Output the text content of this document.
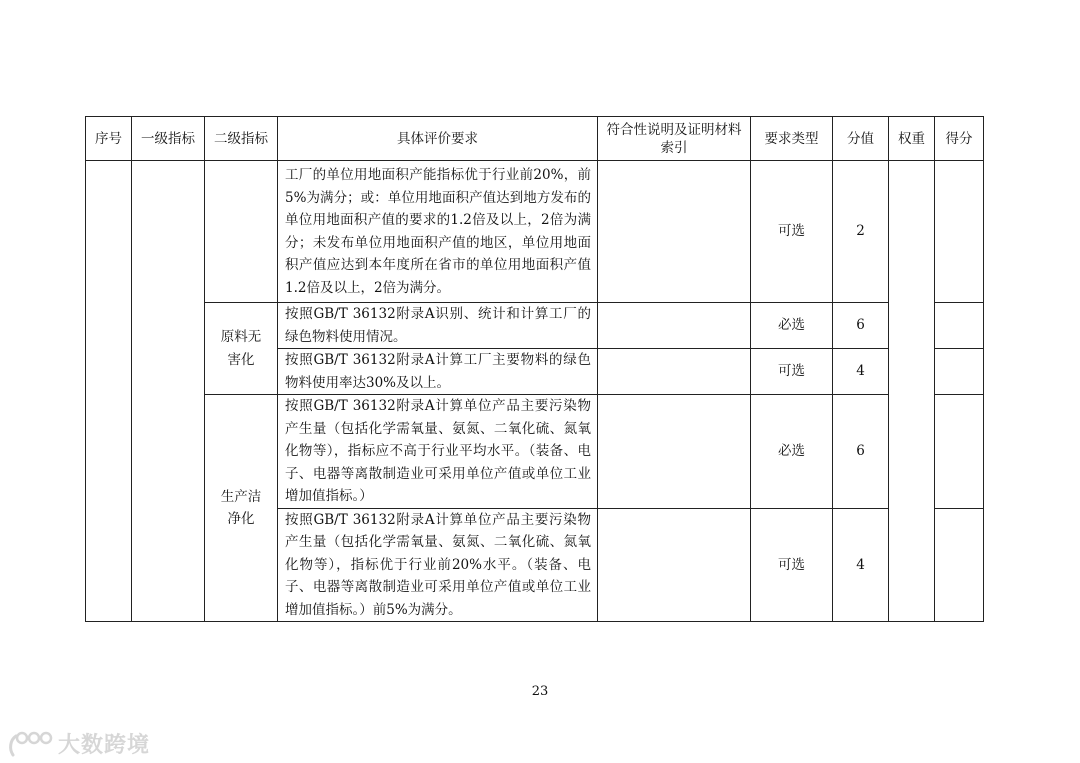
序号	一级指标	二级指标	具体评价要求	符合性说明及证明材料索引	要求类型	分值	权重	得分
			工厂的单位用地面积产能指标优于行业前20%，前5%为满分；或：单位用地面积产值达到地方发布的单位用地面积产值的要求的1.2倍及以上，2倍为满分；未发布单位用地面积产值的地区，单位用地面积产值应达到本年度所在省市的单位用地面积产值1.2倍及以上，2倍为满分。		可选	2		
		原料无害化	按照GB/T 36132附录A识别、统计和计算工厂的绿色物料使用情况。		必选	6		
			按照GB/T 36132附录A计算工厂主要物料的绿色物料使用率达30%及以上。		可选	4		
		生产洁净化	按照GB/T 36132附录A计算单位产品主要污染物产生量（包括化学需氧量、氨氮、二氧化硫、氮氧化物等），指标应不高于行业平均水平。（装备、电子、电器等离散制造业可采用单位产值或单位工业增加值指标。）		必选	6		
			按照GB/T 36132附录A计算单位产品主要污染物产生量（包括化学需氧量、氨氮、二氧化硫、氮氧化物等），指标优于行业前20%水平。（装备、电子、电器等离散制造业可采用单位产值或单位工业增加值指标。）前5%为满分。		可选	4		
23
大数跨境
